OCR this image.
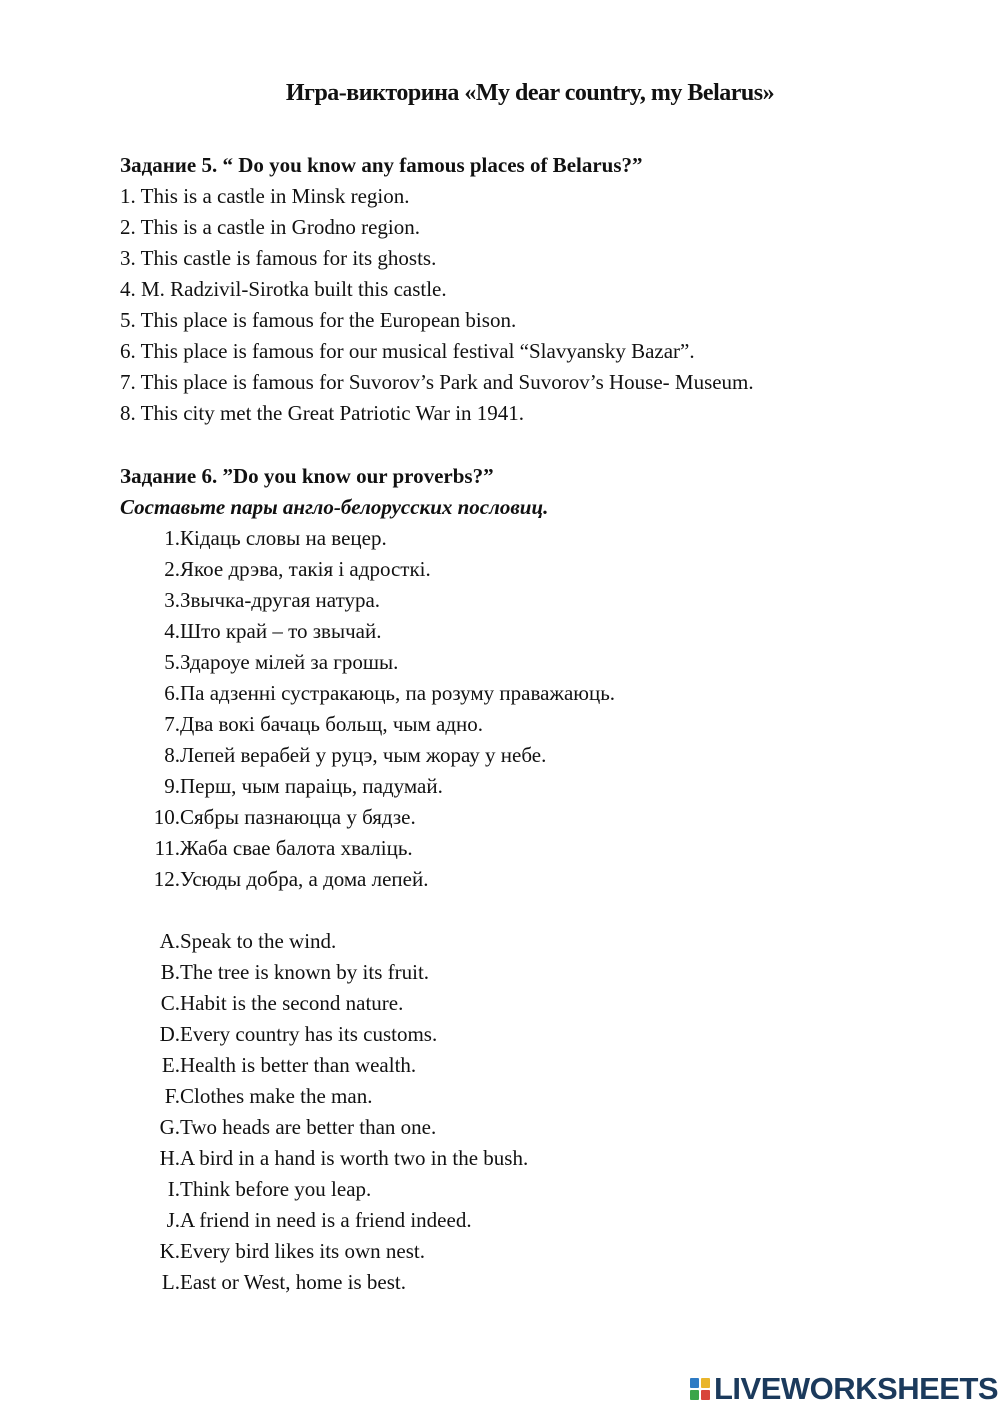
Игра-викторина «My dear country, my Belarus»

Задание 5. “ Do you know any famous places of Belarus?”

1. This is a castle in Minsk region.
2. This is a castle in Grodno region.
3. This castle is famous for its ghosts.
4. M. Radzivil-Sirotka built this castle.
5. This place is famous for the European bison.
6. This place is famous for our musical festival “Slavyansky Bazar”.
7. This place is famous for Suvorov’s Park and Suvorov’s House- Museum.
8. This city met the Great Patriotic War in 1941.

Задание 6. ”Do you know our proverbs?”

Составьте пары англо-белорусских пословиц.

1. Кідаць словы на вецер.
2. Якое дрэва, такія і адросткі.
3. Звычка-другая натура.
4. Што край – то звычай.
5. Здароуе мілей за грошы.
6. Па адзенні сустракаюць, па розуму праважаюць.
7. Два вокі бачаць больщ, чым адно.
8. Лепей верабей у руцэ, чым жорау у небе.
9. Перш, чым параіць, падумай.
10. Сябры пазнаюцца у бядзе.
11. Жаба свае балота хваліць.
12. Усюды добра, а дома лепей.
A. Speak to the wind.
B. The tree is known by its fruit.
C. Habit is the second nature.
D. Every country has its customs.
E. Health is better than wealth.
F. Clothes make the man.
G. Two heads are better than one.
H. A bird in a hand is worth two in the bush.
I. Think before you leap.
J. A friend in need is a friend indeed.
K. Every bird likes its own nest.
L. East or West, home is best.
LIVEWORKSHEETS
